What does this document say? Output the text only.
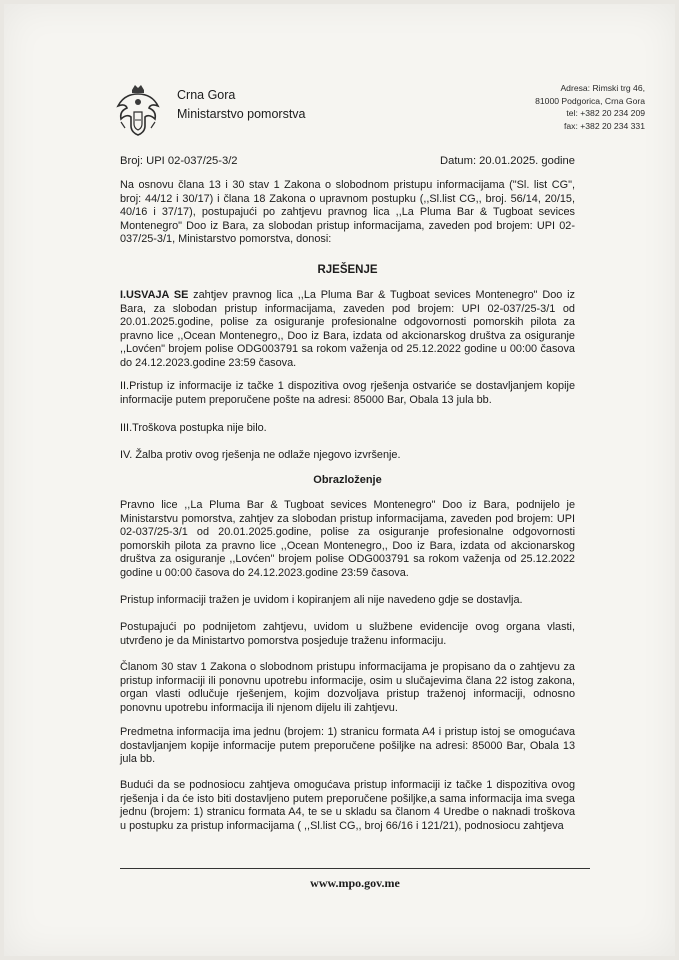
Crna Gora
Ministarstvo pomorstva
Adresa: Rimski trg 46,
81000 Podgorica, Crna Gora
tel: +382 20 234 209
fax: +382 20 234 331
Broj: UPI 02-037/25-3/2	Datum: 20.01.2025. godine

Na osnovu člana 13 i 30 stav 1 Zakona o slobodnom pristupu informacijama ("Sl. list CG", broj: 44/12 i 30/17) i člana 18 Zakona o upravnom postupku (,,Sl.list CG,, broj. 56/14, 20/15, 40/16 i 37/17), postupajući po zahtjevu pravnog lica ,,La Pluma Bar & Tugboat sevices Montenegro" Doo iz Bara, za slobodan pristup informacijama, zaveden pod brojem: UPI 02-037/25-3/1, Ministarstvo pomorstva, donosi:

RJEŠENJE

I.USVAJA SE zahtjev pravnog lica ,,La Pluma Bar & Tugboat sevices Montenegro" Doo iz Bara, za slobodan pristup informacijama, zaveden pod brojem: UPI 02-037/25-3/1 od 20.01.2025.godine, polise za osiguranje profesionalne odgovornosti pomorskih pilota za pravno lice ,,Ocean Montenegro,, Doo iz Bara, izdata od akcionarskog društva za osiguranje ,,Lovćen" brojem polise ODG003791 sa rokom važenja od 25.12.2022 godine u 00:00 časova do 24.12.2023.godine 23:59 časova.

II.Pristup iz informacije iz tačke 1 dispozitiva ovog rješenja ostvariće se dostavljanjem kopije informacije putem preporučene pošte na adresi: 85000 Bar, Obala 13 jula bb.

III.Troškova postupka nije bilo.

IV. Žalba protiv ovog rješenja ne odlaže njegovo izvršenje.

Obrazloženje

Pravno lice ,,La Pluma Bar & Tugboat sevices Montenegro" Doo iz Bara, podnijelo je Ministarstvu pomorstva, zahtjev za slobodan pristup informacijama, zaveden pod brojem: UPI 02-037/25-3/1 od 20.01.2025.godine, polise za osiguranje profesionalne odgovornosti pomorskih pilota za pravno lice ,,Ocean Montenegro,, Doo iz Bara, izdata od akcionarskog društva za osiguranje ,,Lovćen" brojem polise ODG003791 sa rokom važenja od 25.12.2022 godine u 00:00 časova do 24.12.2023.godine 23:59 časova.

Pristup informaciji tražen je uvidom i kopiranjem ali nije navedeno gdje se dostavlja.

Postupajući po podnijetom zahtjevu, uvidom u službene evidencije ovog organa vlasti, utvrđeno je da Ministartvo pomorstva posjeduje traženu informaciju.

Članom 30 stav 1 Zakona o slobodnom pristupu informacijama je propisano da o zahtjevu za pristup informaciji ili ponovnu upotrebu informacije, osim u slučajevima člana 22 istog zakona, organ vlasti odlučuje rješenjem, kojim dozvoljava pristup traženoj informaciji, odnosno ponovnu upotrebu informacija ili njenom dijelu ili zahtjevu.

Predmetna informacija ima jednu (brojem: 1) stranicu formata A4 i pristup istoj se omogućava dostavljanjem kopije informacije putem preporučene pošiljke na adresi: 85000 Bar, Obala 13 jula bb.

Budući da se podnosiocu zahtjeva omogućava pristup informaciji iz tačke 1 dispozitiva ovog rješenja i da će isto biti dostavljeno putem preporučene pošiljke,a sama informacija ima svega jednu (brojem: 1) stranicu formata A4, te se u skladu sa članom 4 Uredbe o naknadi troškova u postupku za pristup informacijama ( ,,Sl.list CG,, broj 66/16 i 121/21), podnosiocu zahtjeva

www.mpo.gov.me
